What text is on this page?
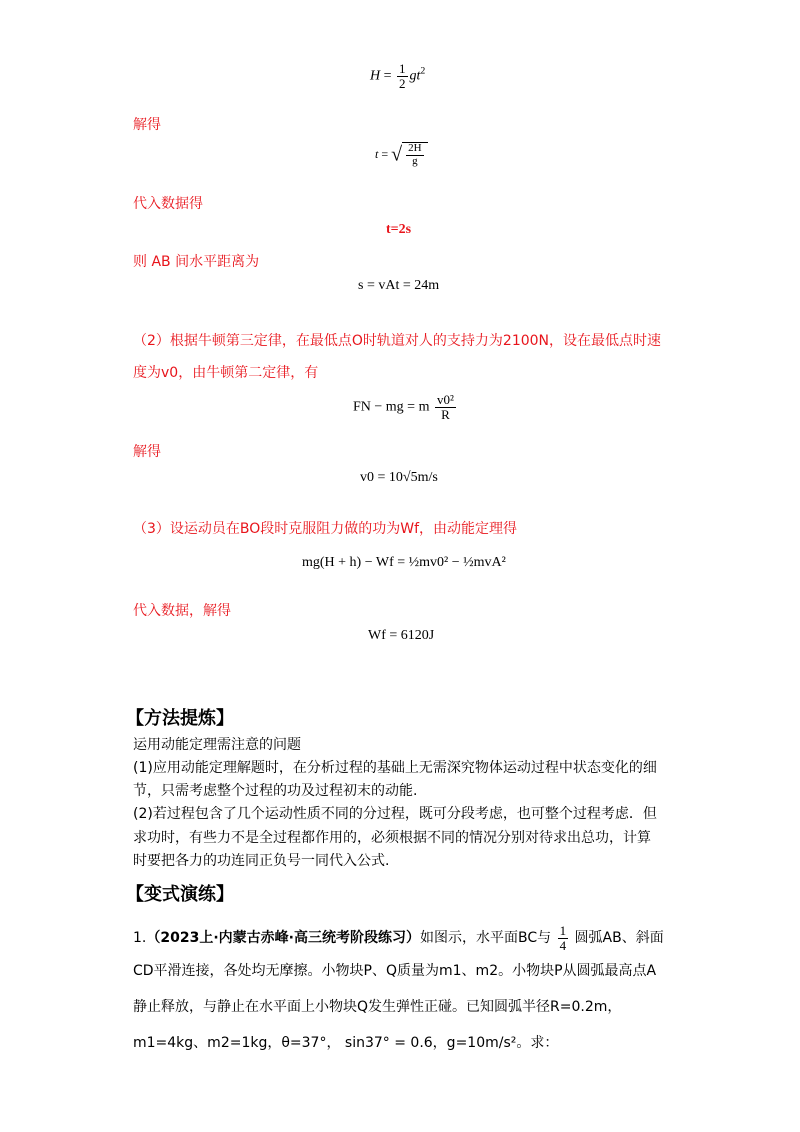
$H = \frac{1}{2} gt^2$
解得
t = √ $\frac{2H}{g}$
代入数据得
t=2s
则 AB 间水平距离为
s = vAt = 24m
（2）根据牛顿第三定律，在最低点O时轨道对人的支持力为2100N，设在最低点时速
度为v0，由牛顿第二定律，有
FN − mg = m $\frac{\text{v0²}}{R}$
解得
v0 = 10√5m/s
（3）设运动员在BO段时克服阻力做的功为Wf，由动能定理得
mg(H + h) − Wf = ½mv0² − ½mvA²
代入数据，解得
Wf = 6120J
【方法提炼】
运用动能定理需注意的问题
(1)应用动能定理解题时，在分析过程的基础上无需深究物体运动过程中状态变化的细
节，只需考虑整个过程的功及过程初末的动能.
(2)若过程包含了几个运动性质不同的分过程，既可分段考虑，也可整个过程考虑．但
求功时，有些力不是全过程都作用的，必须根据不同的情况分别对待求出总功，计算
时要把各力的功连同正负号一同代入公式.
【变式演练】
1.（2023上·内蒙古赤峰·高三统考阶段练习）如图示，水平面BC与 $\frac{1}{4}$ 圆弧AB、斜面
CD平滑连接，各处均无摩擦。小物块P、Q质量为m1、m2。小物块P从圆弧最高点A
静止释放，与静止在水平面上小物块Q发生弹性正碰。已知圆弧半径R=0.2m，
m1=4kg、m2=1kg，θ=37°， sin37° = 0.6，g=10m/s²。求：
